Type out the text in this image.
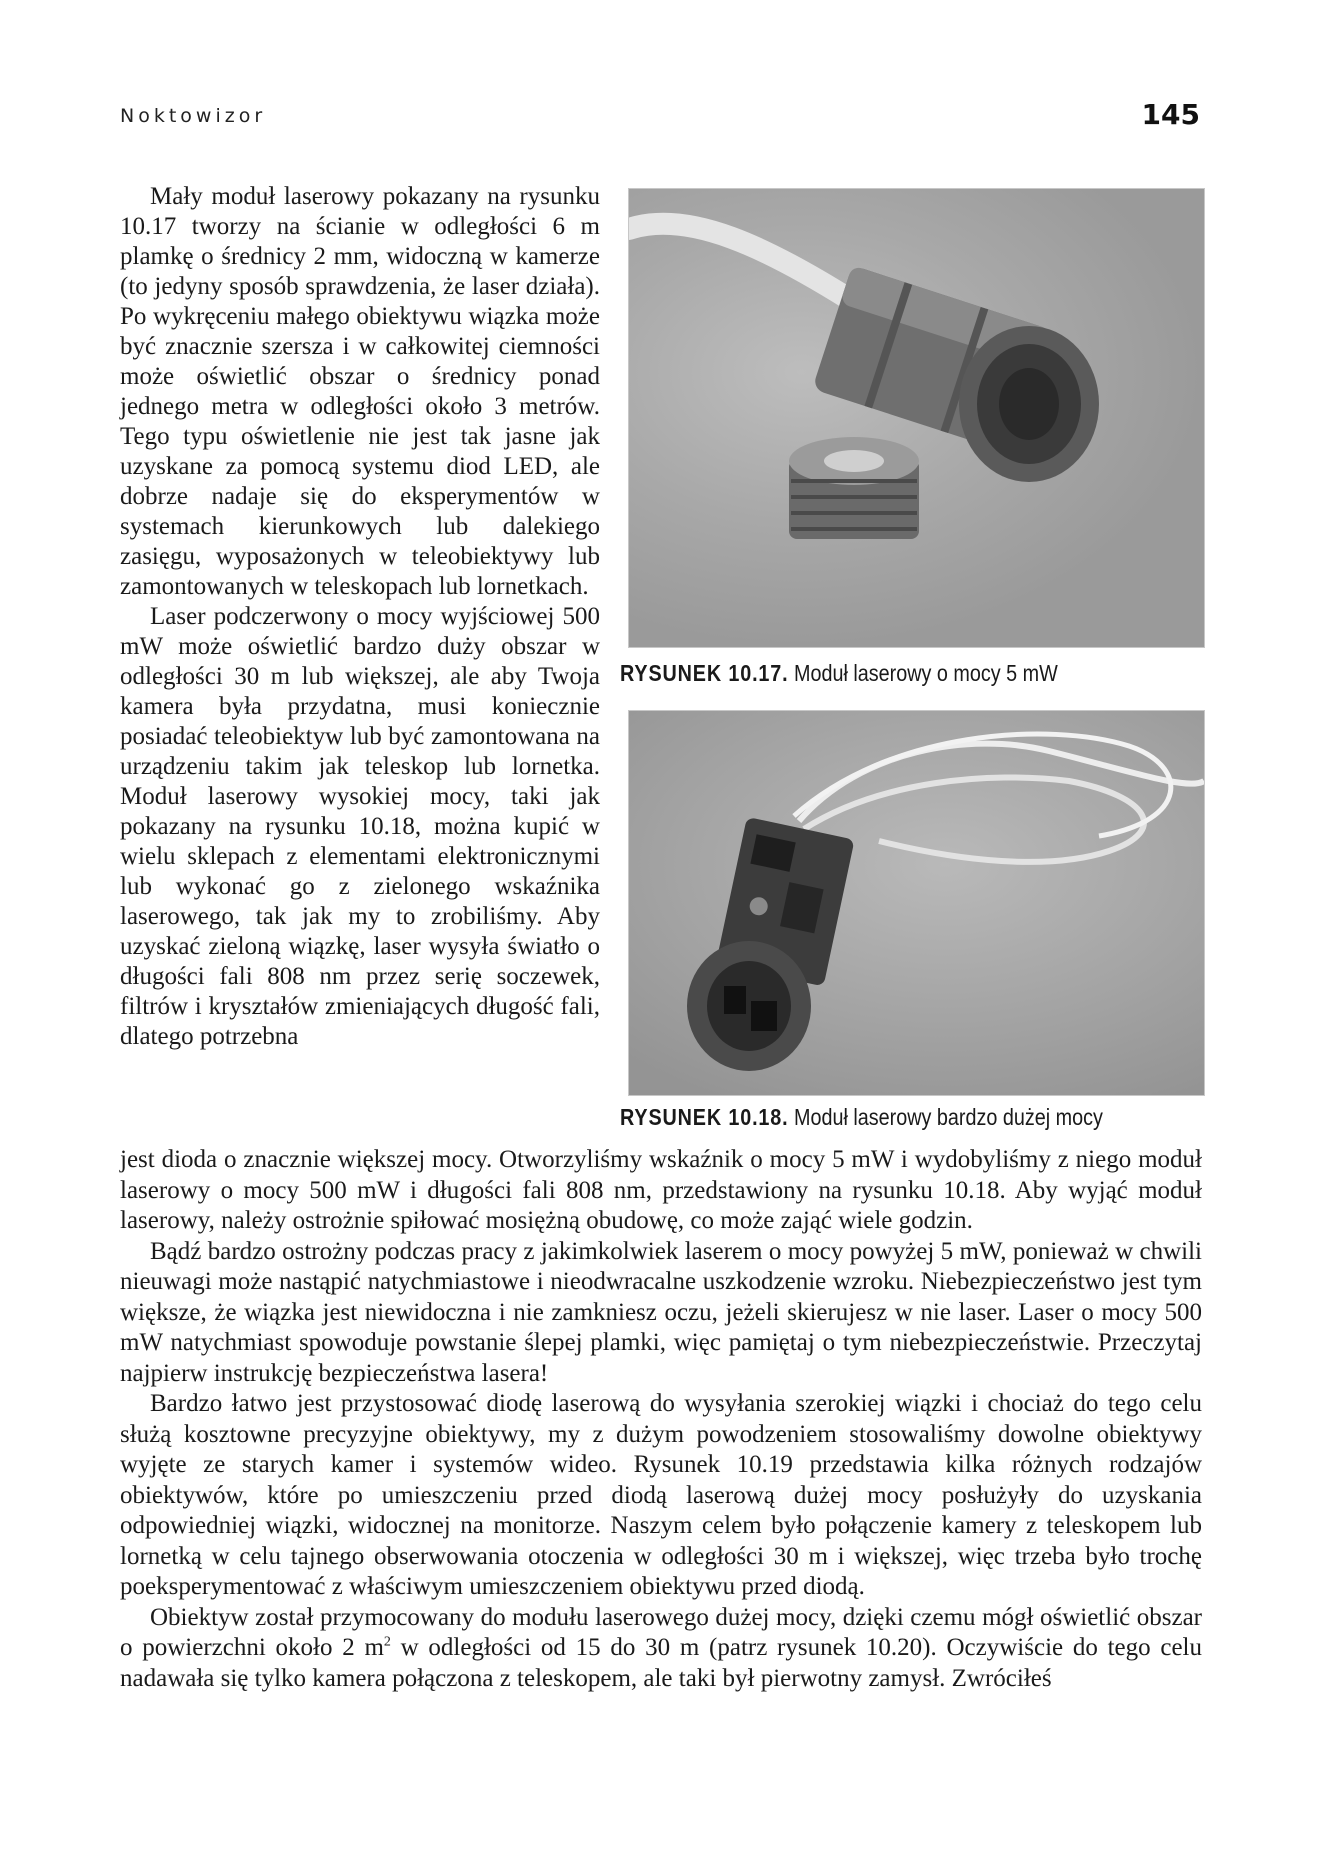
Noktowizor	145

Mały moduł laserowy pokazany na rysunku 10.17 tworzy na ścianie w odległości 6 m plamkę o średnicy 2 mm, widoczną w kamerze (to jedyny sposób sprawdzenia, że laser działa). Po wykręceniu małego obiektywu wiązka może być znacznie szersza i w całkowitej ciemności może oświetlić obszar o średnicy ponad jednego metra w odległości około 3 metrów. Tego typu oświetlenie nie jest tak jasne jak uzyskane za pomocą systemu diod LED, ale dobrze nadaje się do eksperymentów w systemach kierunkowych lub dalekiego zasięgu, wyposażonych w teleobiektywy lub zamontowanych w teleskopach lub lornetkach.

Laser podczerwony o mocy wyjściowej 500 mW może oświetlić bardzo duży obszar w odległości 30 m lub większej, ale aby Twoja kamera była przydatna, musi koniecznie posiadać teleobiektyw lub być zamontowana na urządzeniu takim jak teleskop lub lornetka. Moduł laserowy wysokiej mocy, taki jak pokazany na rysunku 10.18, można kupić w wielu sklepach z elementami elektronicznymi lub wykonać go z zielonego wskaźnika laserowego, tak jak my to zrobiliśmy. Aby uzyskać zieloną wiązkę, laser wysyła światło o długości fali 808 nm przez serię soczewek, filtrów i kryształów zmieniających długość fali, dlatego potrzebna

RYSUNEK 10.17. Moduł laserowy o mocy 5 mW
RYSUNEK 10.18. Moduł laserowy bardzo dużej mocy

jest dioda o znacznie większej mocy. Otworzyliśmy wskaźnik o mocy 5 mW i wydobyliśmy z niego moduł laserowy o mocy 500 mW i długości fali 808 nm, przedstawiony na rysunku 10.18. Aby wyjąć moduł laserowy, należy ostrożnie spiłować mosiężną obudowę, co może zająć wiele godzin.

Bądź bardzo ostrożny podczas pracy z jakimkolwiek laserem o mocy powyżej 5 mW, ponieważ w chwili nieuwagi może nastąpić natychmiastowe i nieodwracalne uszkodzenie wzroku. Niebezpieczeństwo jest tym większe, że wiązka jest niewidoczna i nie zamkniesz oczu, jeżeli skierujesz w nie laser. Laser o mocy 500 mW natychmiast spowoduje powstanie ślepej plamki, więc pamiętaj o tym niebezpieczeństwie. Przeczytaj najpierw instrukcję bezpieczeństwa lasera!

Bardzo łatwo jest przystosować diodę laserową do wysyłania szerokiej wiązki i chociaż do tego celu służą kosztowne precyzyjne obiektywy, my z dużym powodzeniem stosowaliśmy dowolne obiektywy wyjęte ze starych kamer i systemów wideo. Rysunek 10.19 przedstawia kilka różnych rodzajów obiektywów, które po umieszczeniu przed diodą laserową dużej mocy posłużyły do uzyskania odpowiedniej wiązki, widocznej na monitorze. Naszym celem było połączenie kamery z teleskopem lub lornetką w celu tajnego obserwowania otoczenia w odległości 30 m i większej, więc trzeba było trochę poeksperymentować z właściwym umieszczeniem obiektywu przed diodą.

Obiektyw został przymocowany do modułu laserowego dużej mocy, dzięki czemu mógł oświetlić obszar o powierzchni około 2 $m^2$ w odległości od 15 do 30 m (patrz rysunek 10.20). Oczywiście do tego celu nadawała się tylko kamera połączona z teleskopem, ale taki był pierwotny zamysł. Zwróciłeś
